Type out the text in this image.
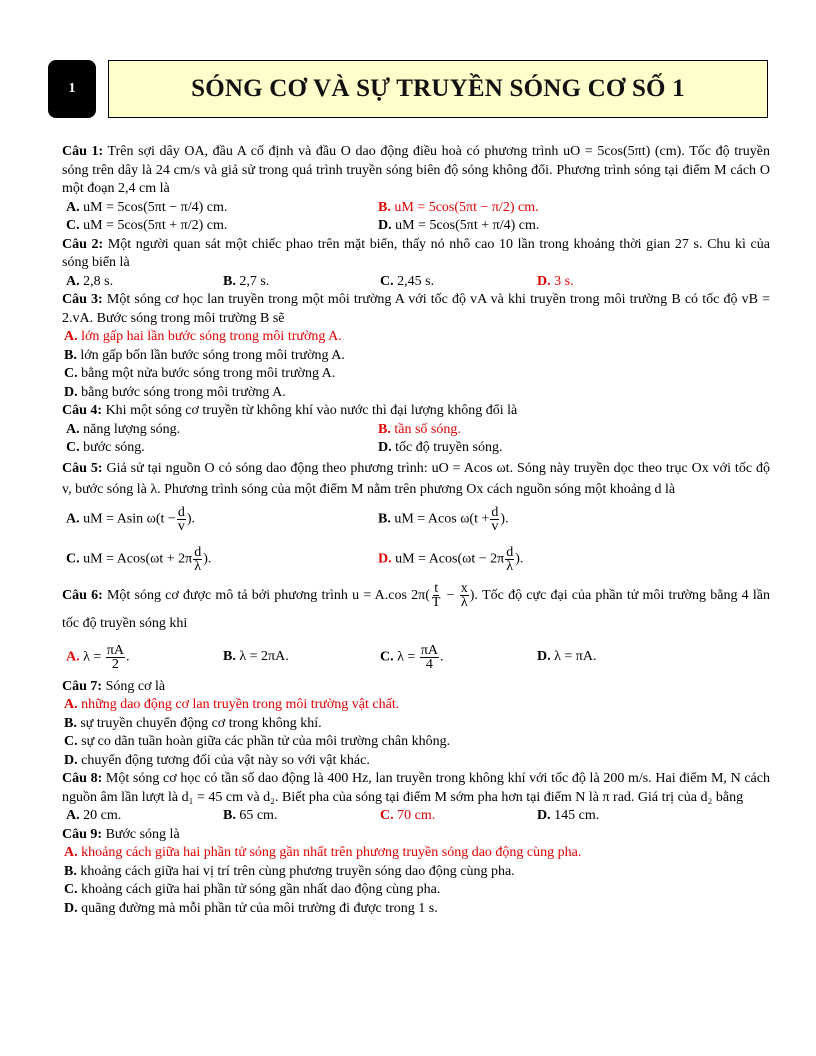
1	SÓNG CƠ VÀ SỰ TRUYỀN SÓNG CƠ SỐ 1
Câu 1: Trên sợi dây OA, đầu A cố định và đầu O dao động điều hoà có phương trình uO = 5cos(5πt) (cm). Tốc độ truyền sóng trên dây là 24 cm/s và giả sử trong quá trình truyền sóng biên độ sóng không đổi. Phương trình sóng tại điểm M cách O một đoạn 2,4 cm là
A. uM = 5cos(5πt − π/4) cm.	B. uM = 5cos(5πt − π/2) cm.
C. uM = 5cos(5πt + π/2) cm.	D. uM = 5cos(5πt + π/4) cm.
Câu 2: Một người quan sát một chiếc phao trên mặt biển, thấy nó nhô cao 10 lần trong khoảng thời gian 27 s. Chu kì của sóng biển là
A. 2,8 s.	B. 2,7 s.	C. 2,45 s.	D. 3 s.
Câu 3: Một sóng cơ học lan truyền trong một môi trường A với tốc độ vA và khi truyền trong môi trường B có tốc độ vB = 2.vA. Bước sóng trong môi trường B sẽ
A. lớn gấp hai lần bước sóng trong môi trường A.
B. lớn gấp bốn lần bước sóng trong môi trường A.
C. bằng một nửa bước sóng trong môi trường A.
D. bằng bước sóng trong môi trường A.
Câu 4: Khi một sóng cơ truyền từ không khí vào nước thì đại lượng không đổi là
A. năng lượng sóng.	B. tần số sóng.
C. bước sóng.	D. tốc độ truyền sóng.
Câu 5: Giả sử tại nguồn O có sóng dao động theo phương trình: uO = Acos ωt. Sóng này truyền dọc theo trục Ox với tốc độ v, bước sóng là λ. Phương trình sóng của một điểm M nằm trên phương Ox cách nguồn sóng một khoảng d là
A. uM = Asin $\omega(t - \frac{d}{v}$ ).	B. uM = Acos $\omega(t + \frac{d}{v}$ ).
C. uM = $Acos(\omega t + 2\pi \frac{d}{\lambda}$ ).	D. uM = $Acos(\omega t - 2\pi \frac{d}{\lambda}$ ).
Câu 6: Một sóng cơ được mô tả bởi phương trình u = A.cos $2\pi( \frac{t}{T} - \frac{x}{\lambda}$ ). Tốc độ cực đại của phần tử môi trường bằng 4 lần tốc độ truyền sóng khi
A. $\lambda = \frac{\pi A}{2}$ .	B. λ = 2πA.	C. $\lambda = \frac{\pi A}{4}$ .	D. λ = πA.
Câu 7: Sóng cơ là
A. những dao động cơ lan truyền trong môi trường vật chất.
B. sự truyền chuyển động cơ trong không khí.
C. sự co dãn tuần hoàn giữa các phần tử của môi trường chân không.
D. chuyển động tương đối của vật này so với vật khác.
Câu 8: Một sóng cơ học có tần số dao động là 400 Hz, lan truyền trong không khí với tốc độ là 200 m/s. Hai điểm M, N cách nguồn âm lần lượt là d₁ = 45 cm và d₂. Biết pha của sóng tại điểm M sớm pha hơn tại điểm N là π rad. Giá trị của d₂ bằng
A. 20 cm.	B. 65 cm.	C. 70 cm.	D. 145 cm.
Câu 9: Bước sóng là
A. khoảng cách giữa hai phần tử sóng gần nhất trên phương truyền sóng dao động cùng pha.
B. khoảng cách giữa hai vị trí trên cùng phương truyền sóng dao động cùng pha.
C. khoảng cách giữa hai phần tử sóng gần nhất dao động cùng pha.
D. quãng đường mà mỗi phần tử của môi trường đi được trong 1 s.
